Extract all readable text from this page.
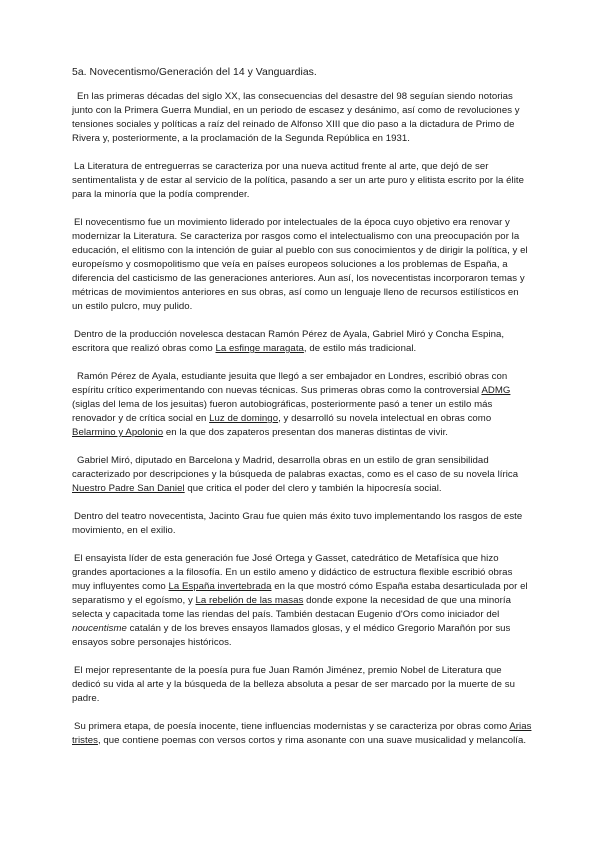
5a. Novecentismo/Generación del 14 y Vanguardias.

En las primeras décadas del siglo XX, las consecuencias del desastre del 98 seguían siendo notorias junto con la Primera Guerra Mundial, en un periodo de escasez y desánimo, así como de revoluciones y tensiones sociales y políticas a raíz del reinado de Alfonso XIII que dio paso a la dictadura de Primo de Rivera y, posteriormente, a la proclamación de la Segunda República en 1931.

La Literatura de entreguerras se caracteriza por una nueva actitud frente al arte, que dejó de ser sentimentalista y de estar al servicio de la política, pasando a ser un arte puro y elitista escrito por la élite para la minoría que la podía comprender.

El novecentismo fue un movimiento liderado por intelectuales de la época cuyo objetivo era renovar y modernizar la Literatura. Se caracteriza por rasgos como el intelectualismo con una preocupación por la educación, el elitismo con la intención de guiar al pueblo con sus conocimientos y de dirigir la política, y el europeísmo y cosmopolitismo que veía en países europeos soluciones a los problemas de España, a diferencia del casticismo de las generaciones anteriores. Aun así, los novecentistas incorporaron temas y métricas de movimientos anteriores en sus obras, así como un lenguaje lleno de recursos estilísticos en un estilo pulcro, muy pulido.

Dentro de la producción novelesca destacan Ramón Pérez de Ayala, Gabriel Miró y Concha Espina, escritora que realizó obras como La esfinge maragata, de estilo más tradicional.

Ramón Pérez de Ayala, estudiante jesuita que llegó a ser embajador en Londres, escribió obras con espíritu crítico experimentando con nuevas técnicas. Sus primeras obras como la controversial ADMG (siglas del lema de los jesuitas) fueron autobiográficas, posteriormente pasó a tener un estilo más renovador y de crítica social en Luz de domingo, y desarrolló su novela intelectual en obras como Belarmino y Apolonio en la que dos zapateros presentan dos maneras distintas de vivir.

Gabriel Miró, diputado en Barcelona y Madrid, desarrolla obras en un estilo de gran sensibilidad caracterizado por descripciones y la búsqueda de palabras exactas, como es el caso de su novela lírica Nuestro Padre San Daniel que critica el poder del clero y también la hipocresía social.

Dentro del teatro novecentista, Jacinto Grau fue quien más éxito tuvo implementando los rasgos de este movimiento, en el exilio.

El ensayista líder de esta generación fue José Ortega y Gasset, catedrático de Metafísica que hizo grandes aportaciones a la filosofía. En un estilo ameno y didáctico de estructura flexible escribió obras muy influyentes como La España invertebrada en la que mostró cómo España estaba desarticulada por el separatismo y el egoísmo, y La rebelión de las masas donde expone la necesidad de que una minoría selecta y capacitada tome las riendas del país. También destacan Eugenio d'Ors como iniciador del noucentisme catalán y de los breves ensayos llamados glosas, y el médico Gregorio Marañón por sus ensayos sobre personajes históricos.

El mejor representante de la poesía pura fue Juan Ramón Jiménez, premio Nobel de Literatura que dedicó su vida al arte y la búsqueda de la belleza absoluta a pesar de ser marcado por la muerte de su padre.

Su primera etapa, de poesía inocente, tiene influencias modernistas y se caracteriza por obras como Arias tristes, que contiene poemas con versos cortos y rima asonante con una suave musicalidad y melancolía.
